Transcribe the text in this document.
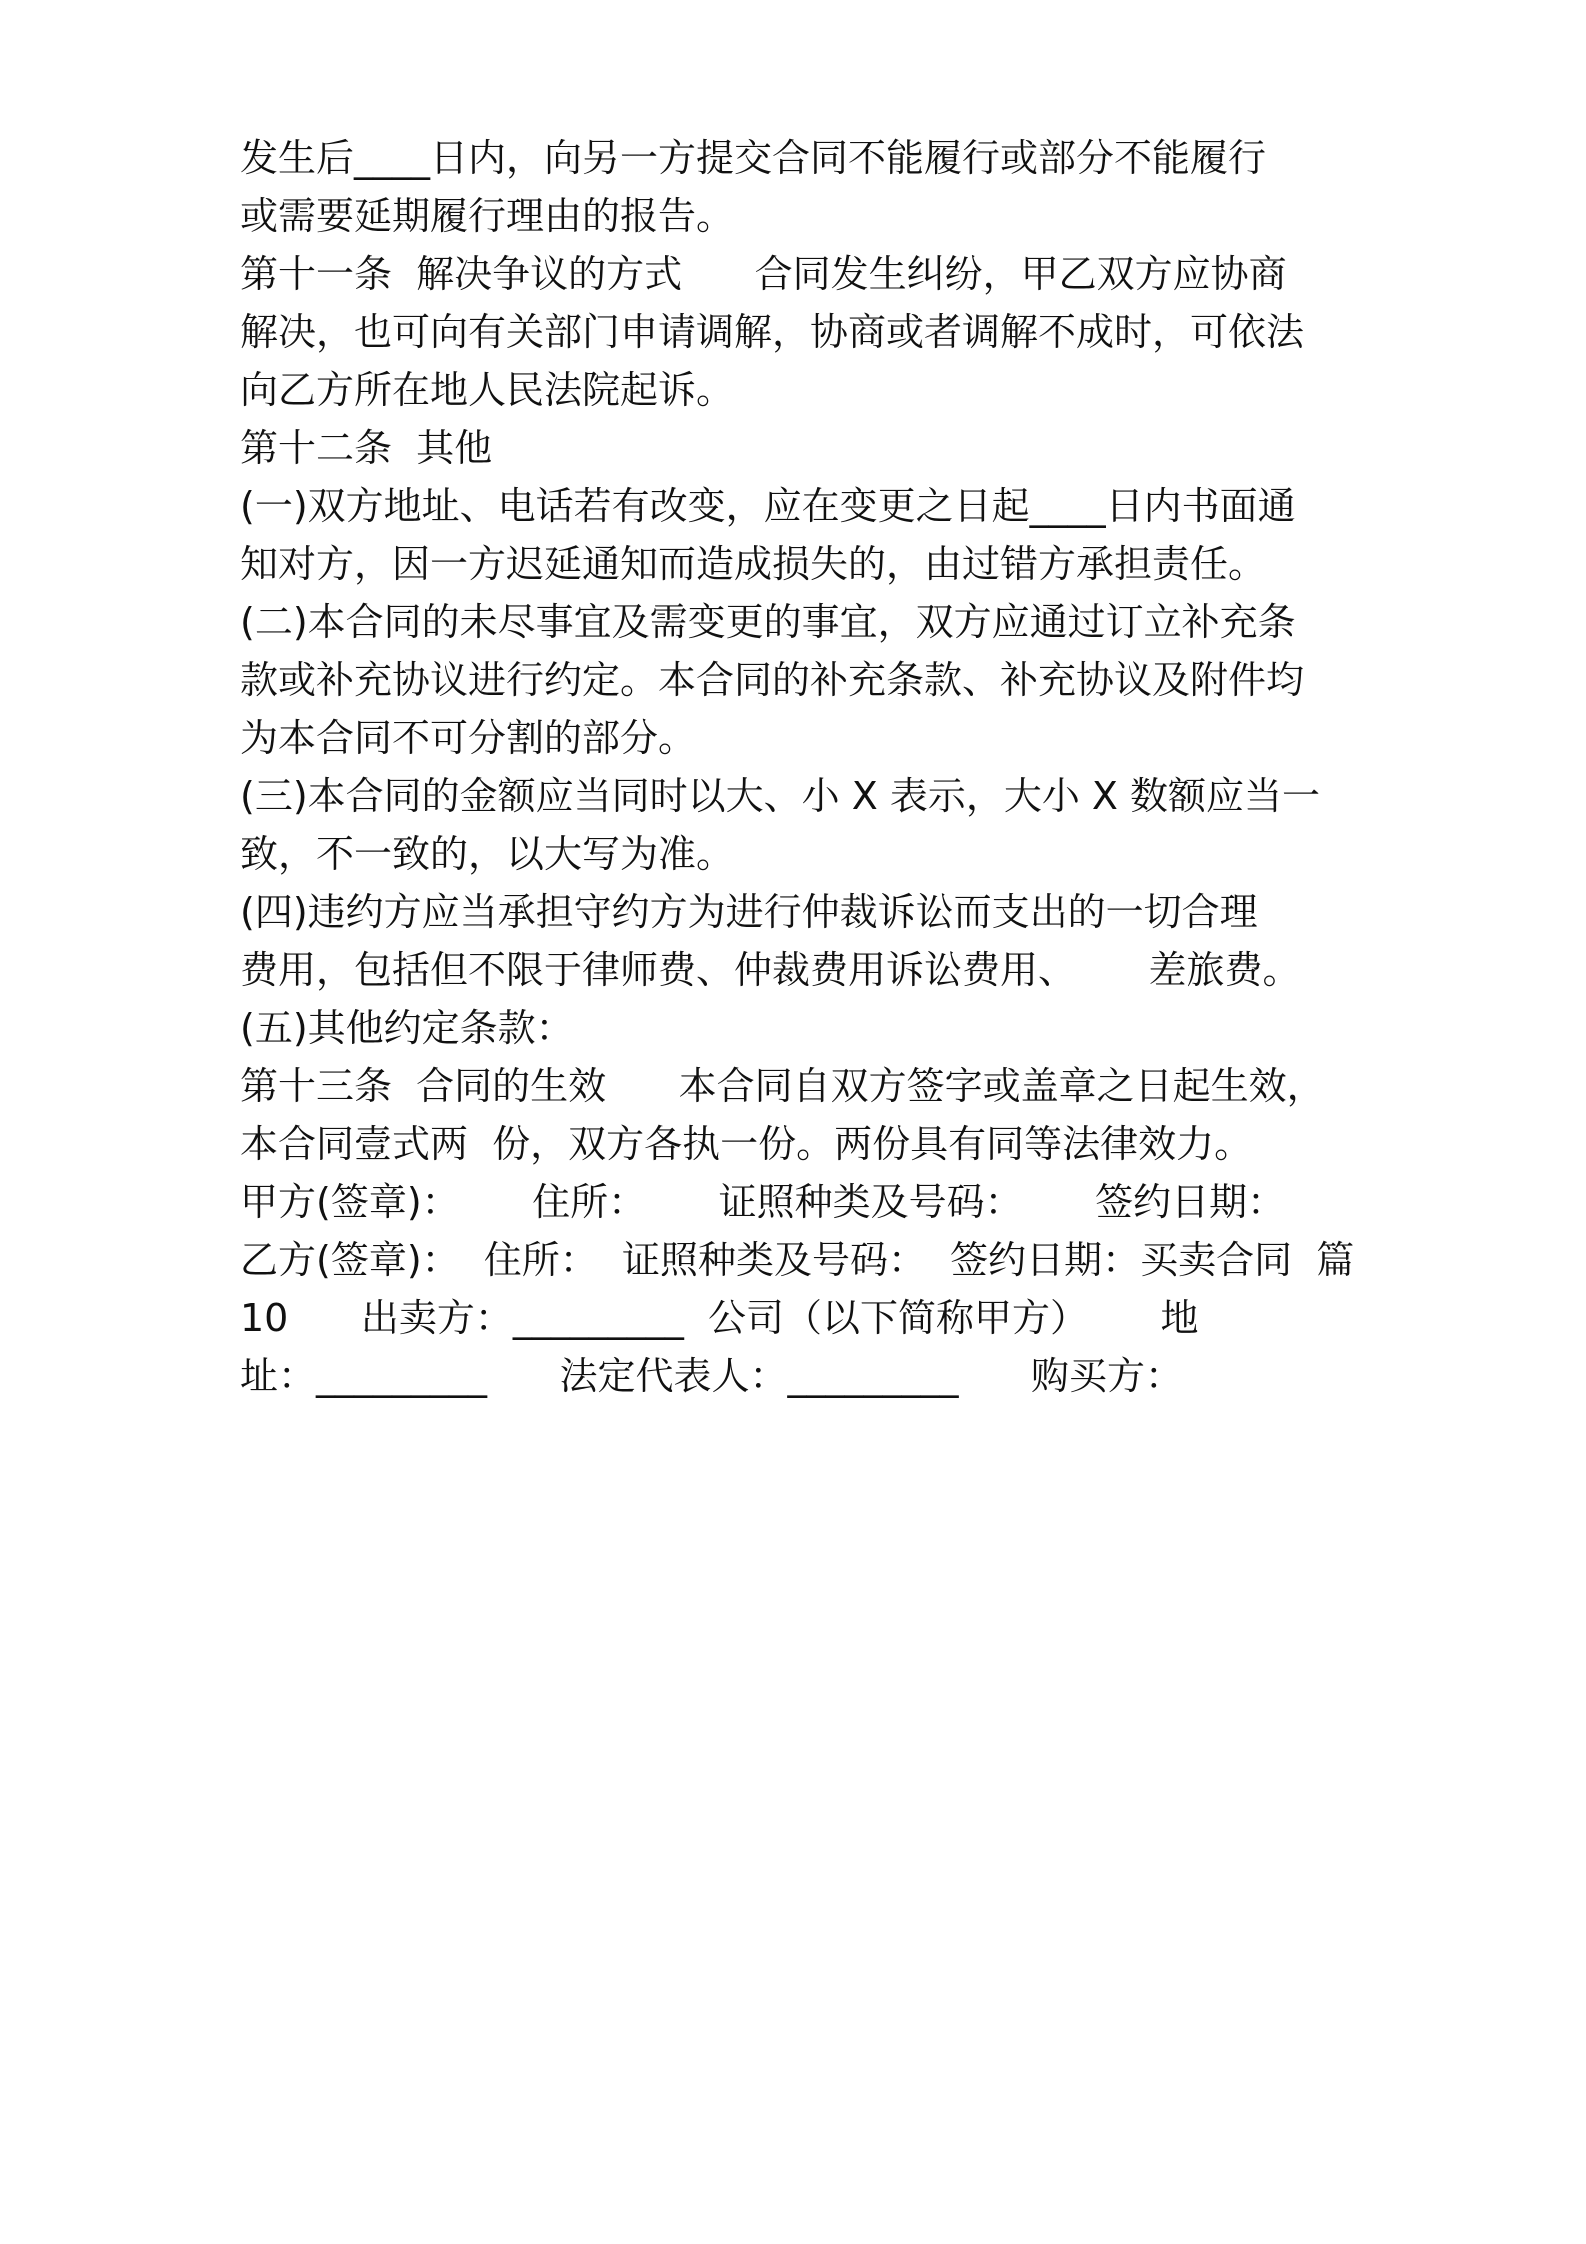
发生后____日内，向另一方提交合同不能履行或部分不能履行
或需要延期履行理由的报告。
第十一条  解决争议的方式      合同发生纠纷，甲乙双方应协商
解决，也可向有关部门申请调解，协商或者调解不成时，可依法
向乙方所在地人民法院起诉。
第十二条  其他
(一)双方地址、电话若有改变，应在变更之日起____日内书面通
知对方，因一方迟延通知而造成损失的，由过错方承担责任。
(二)本合同的未尽事宜及需变更的事宜，双方应通过订立补充条
款或补充协议进行约定。本合同的补充条款、补充协议及附件均
为本合同不可分割的部分。
(三)本合同的金额应当同时以大、小 X 表示，大小 X 数额应当一
致，不一致的，以大写为准。
(四)违约方应当承担守约方为进行仲裁诉讼而支出的一切合理
费用，包括但不限于律师费、仲裁费用诉讼费用、      差旅费。
(五)其他约定条款：
第十三条  合同的生效      本合同自双方签字或盖章之日起生效，
本合同壹式两  份，双方各执一份。两份具有同等法律效力。
甲方(签章)：      住所：      证照种类及号码：      签约日期：
乙方(签章)：  住所：  证照种类及号码：  签约日期：买卖合同  篇
10      出卖方：_________  公司（以下简称甲方）      地
址：_________      法定代表人：_________      购买方：
